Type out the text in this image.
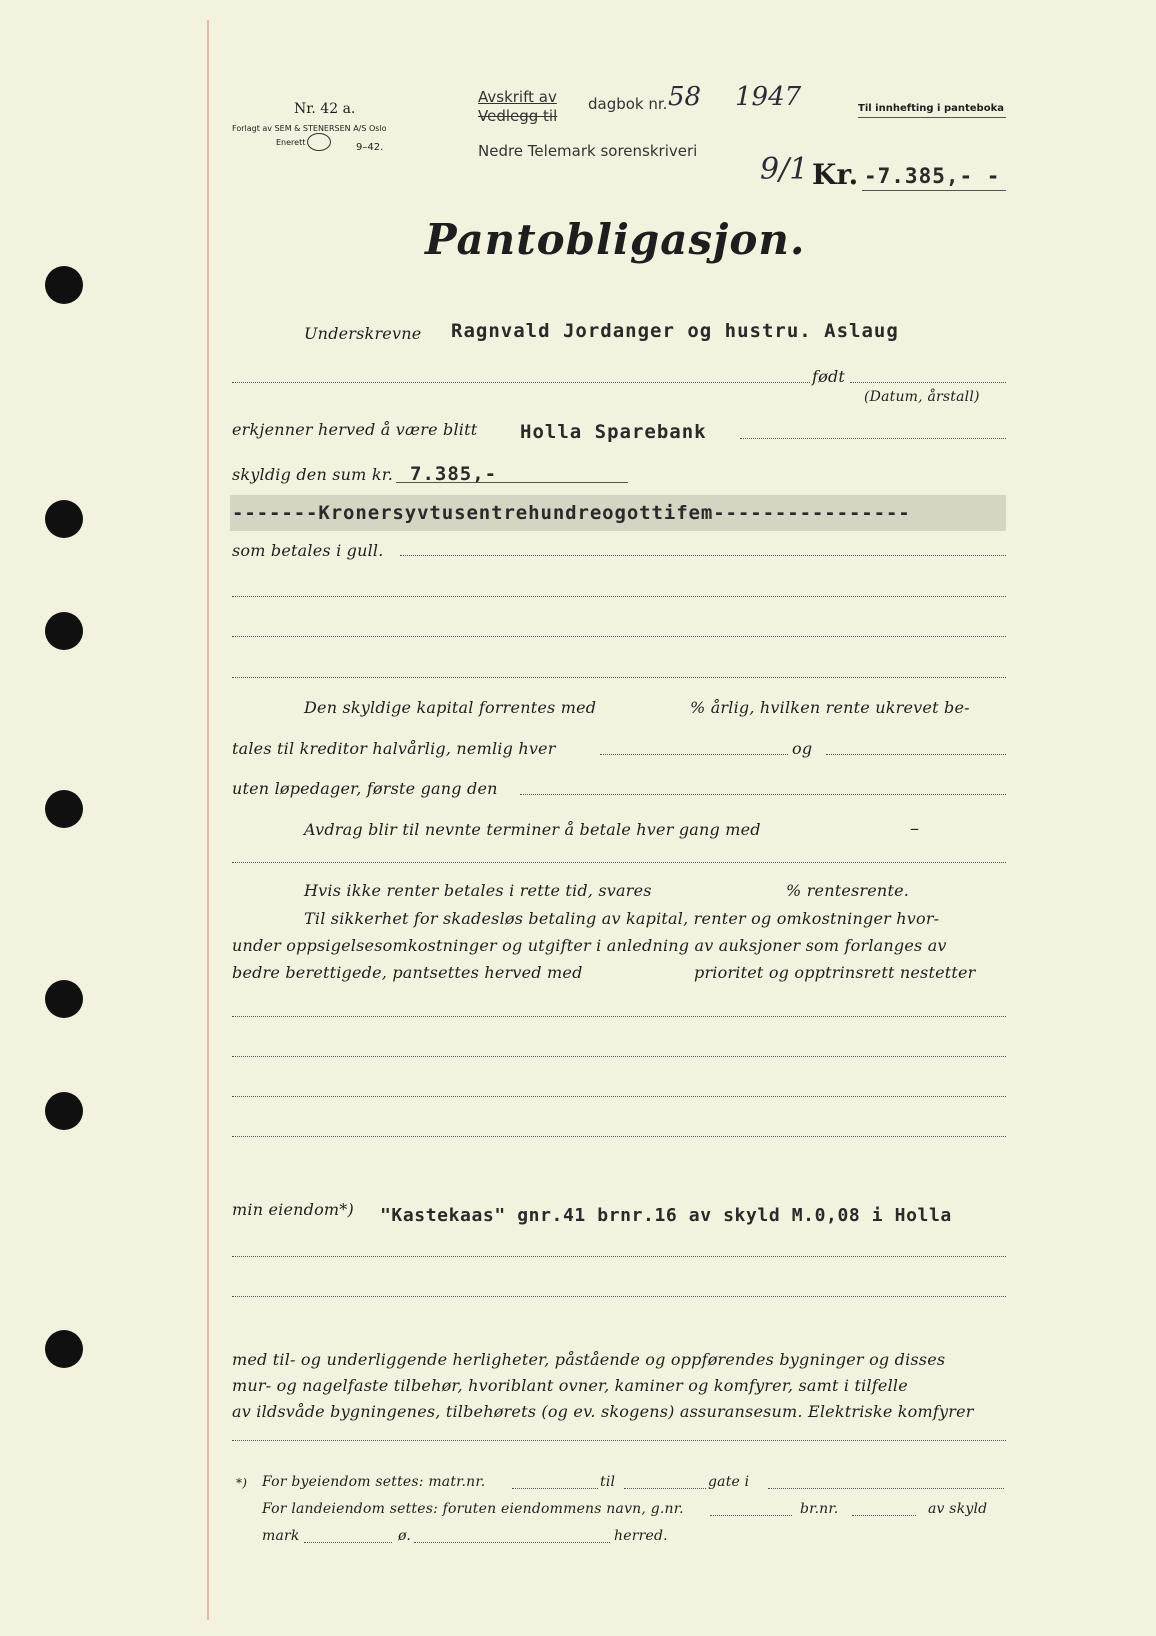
Nr. 42 a.
Forlagt av SEM & STENERSEN A/S Oslo
Enerett	9–42.
Avskrift av
Vedlegg til
dagbok nr. 58 1947
Nedre Telemark sorenskriveri
9/1
Til innhefting i panteboka
Kr. -7.385,- -
Pantobligasjon.
Underskrevne Ragnvald Jordanger og hustru. Aslaug
født
(Datum, årstall)
erkjenner herved å være blitt Holla Sparebank
skyldig den sum kr. 7.385,-
-------Kronersyvtusentrehundreogottifem----------------
som betales i gull.
Den skyldige kapital forrentes med	% årlig, hvilken rente ukrevet be-
tales til kreditor halvårlig, nemlig hver	og
uten løpedager, første gang den
Avdrag blir til nevnte terminer å betale hver gang med	–
Hvis ikke renter betales i rette tid, svares	% rentesrente.
Til sikkerhet for skadesløs betaling av kapital, renter og omkostninger hvor-
under oppsigelsesomkostninger og utgifter i anledning av auksjoner som forlanges av
bedre berettigede, pantsettes herved med	prioritet og opptrinsrett nestetter
min eiendom*) "Kastekaas" gnr.41 brnr.16 av skyld M.0,08 i Holla
med til- og underliggende herligheter, påstående og oppførendes bygninger og disses
mur- og nagelfaste tilbehør, hvoriblant ovner, kaminer og komfyrer, samt i tilfelle
av ildsvåde bygningenes, tilbehørets (og ev. skogens) assuransesum. Elektriske komfyrer
*) For byeiendom settes: matr.nr.	til	gate i
For landeiendom settes: foruten eiendommens navn, g.nr.	br.nr.	av skyld
mark	ø.	herred.
